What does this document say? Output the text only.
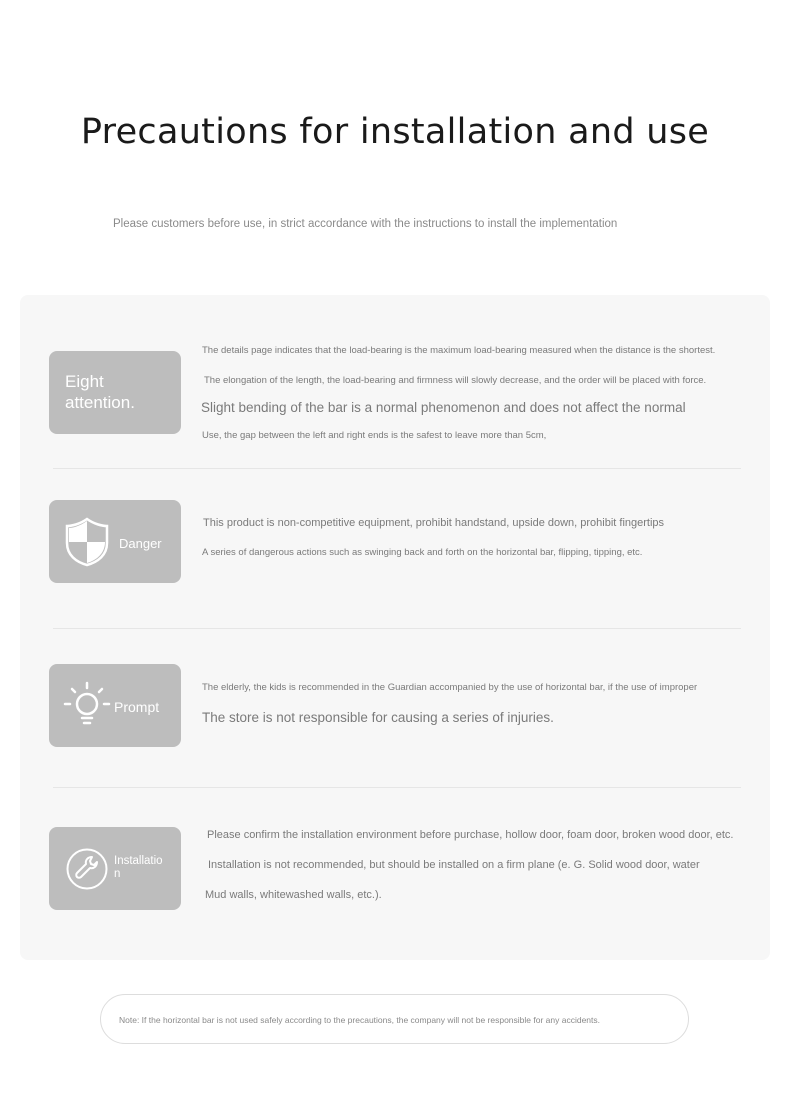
Precautions for installation and use
Please customers before use, in strict accordance with the instructions to install the implementation
Eight attention.
The details page indicates that the load-bearing is the maximum load-bearing measured when the distance is the shortest.
The elongation of the length, the load-bearing and firmness will slowly decrease, and the order will be placed with force.
Slight bending of the bar is a normal phenomenon and does not affect the normal
Use, the gap between the left and right ends is the safest to leave more than 5cm,
Danger
This product is non-competitive equipment, prohibit handstand, upside down, prohibit fingertips
A series of dangerous actions such as swinging back and forth on the horizontal bar, flipping, tipping, etc.
Prompt
The elderly, the kids is recommended in the Guardian accompanied by the use of horizontal bar, if the use of improper
The store is not responsible for causing a series of injuries.
Installatio
n
Please confirm the installation environment before purchase, hollow door, foam door, broken wood door, etc.
Installation is not recommended, but should be installed on a firm plane (e. G. Solid wood door, water
Mud walls, whitewashed walls, etc.).
Note: If the horizontal bar is not used safely according to the precautions, the company will not be responsible for any accidents.
